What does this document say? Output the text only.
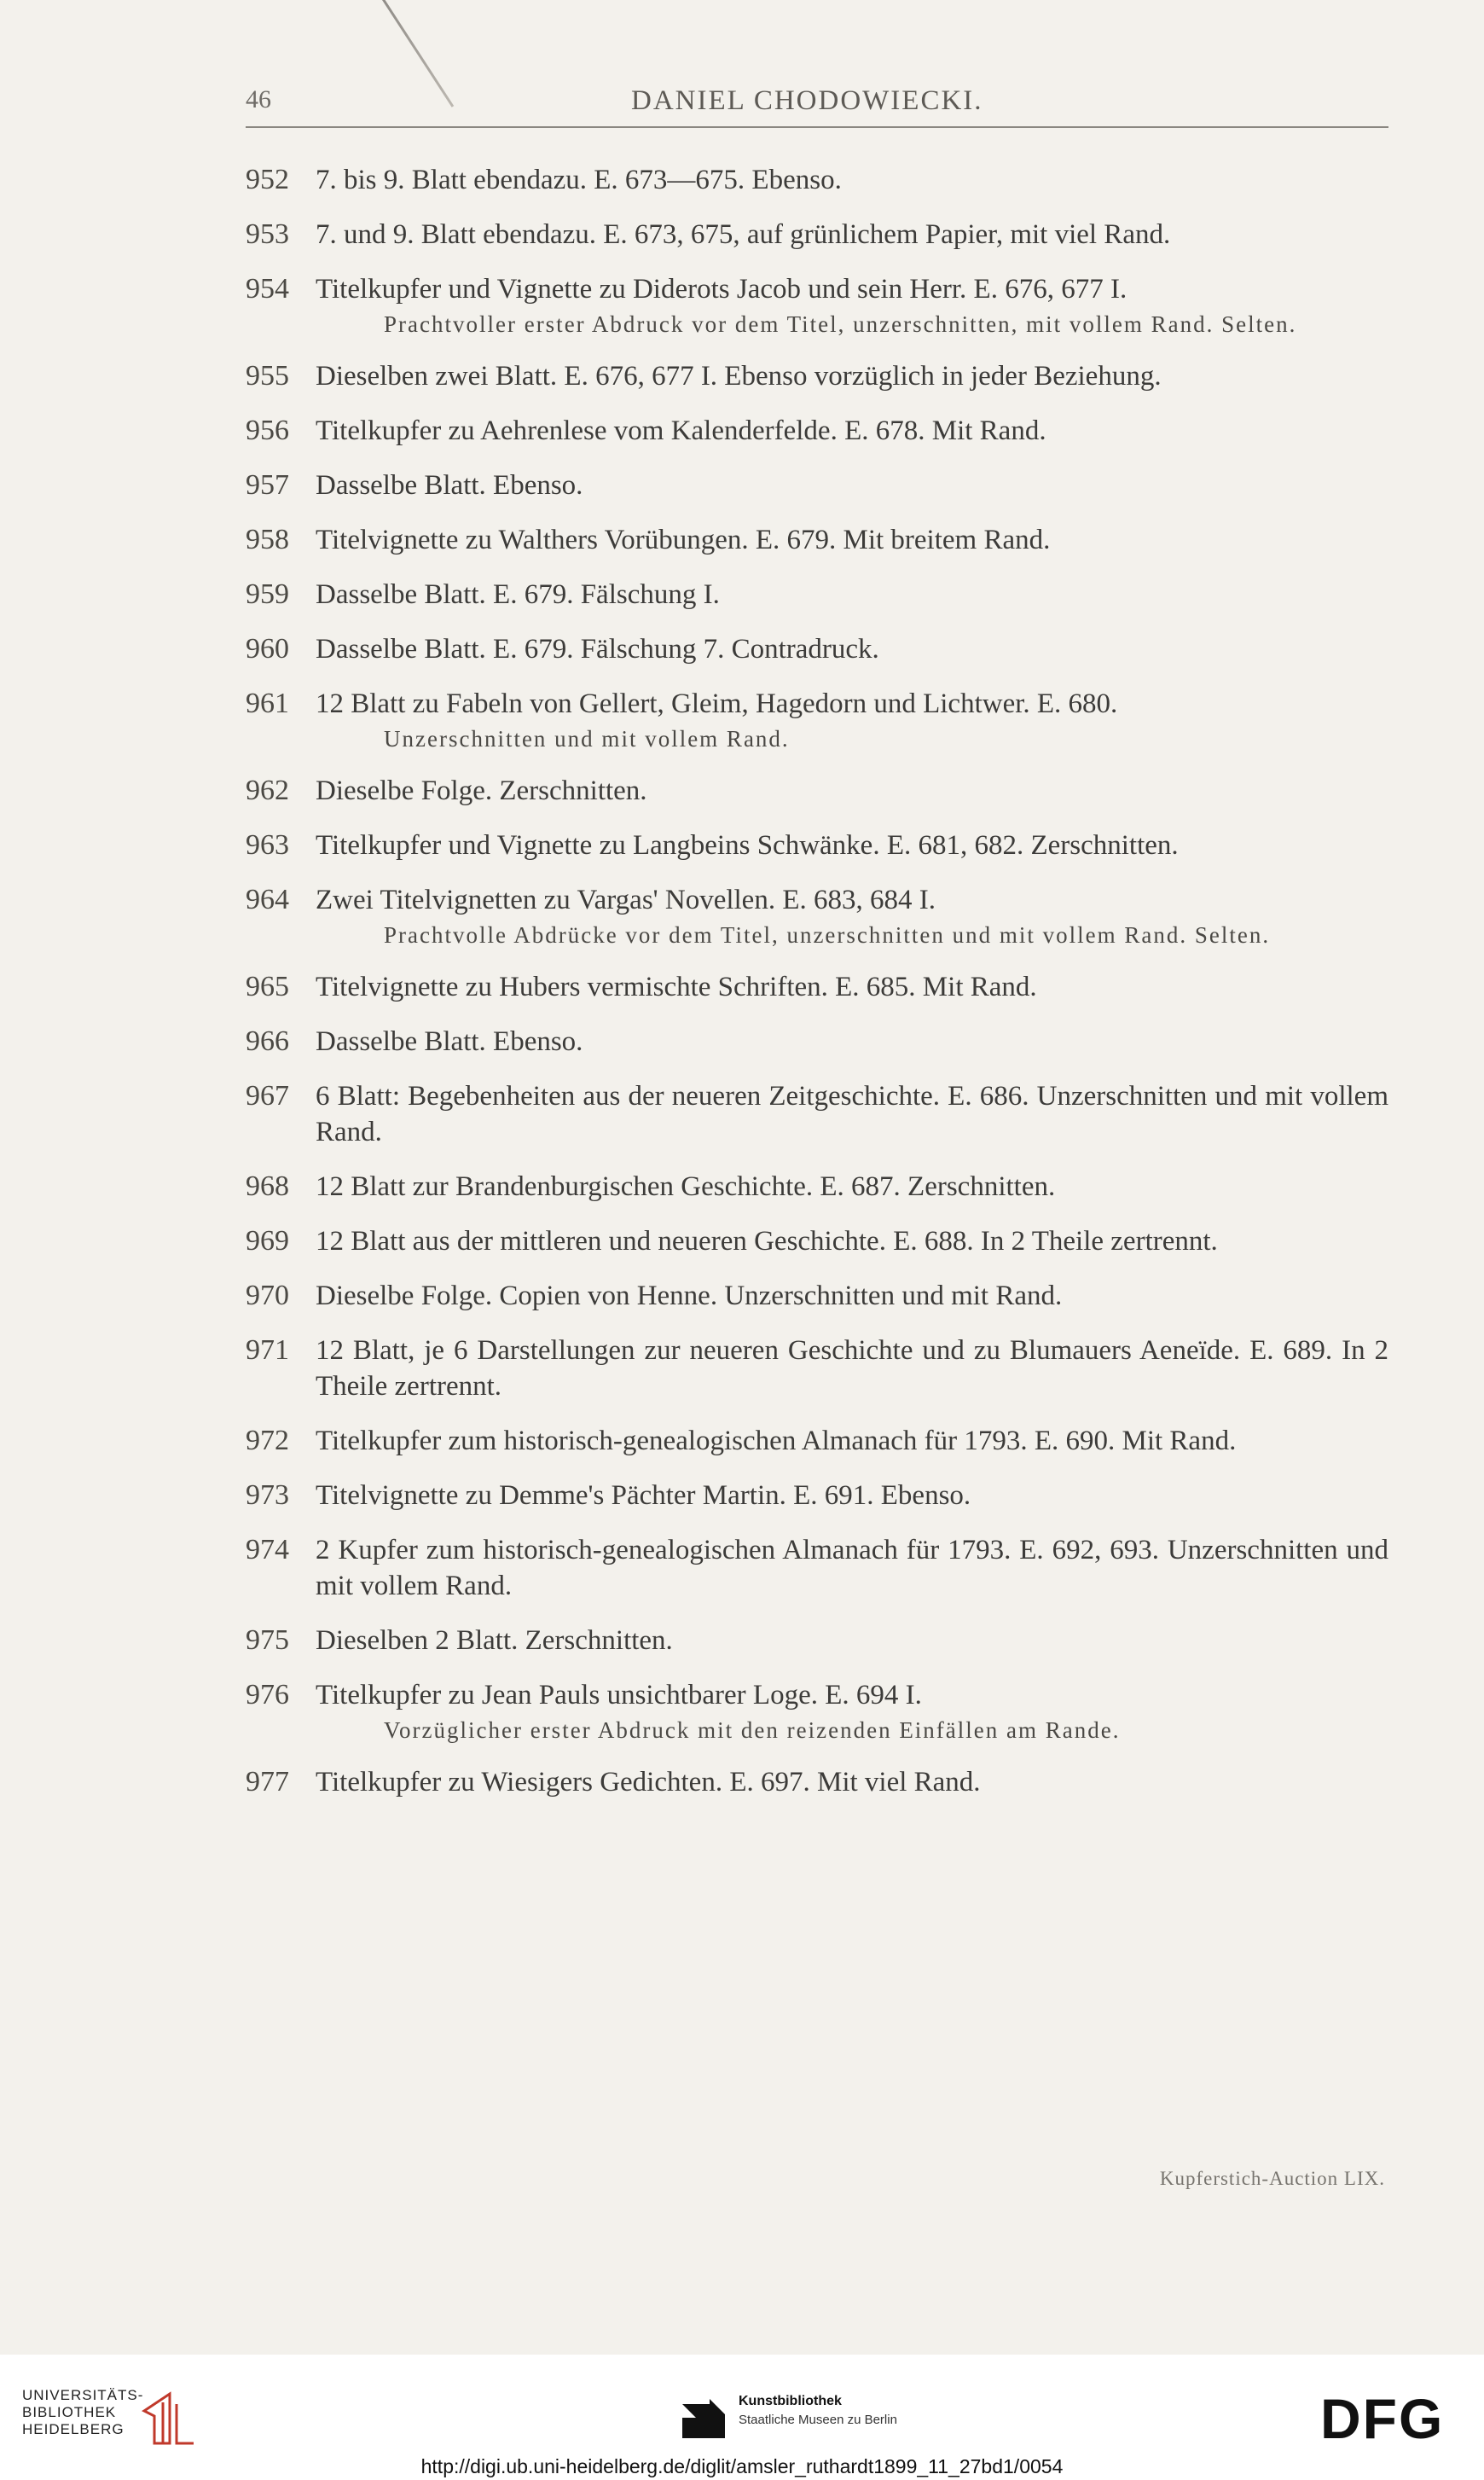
46	DANIEL CHODOWIECKI.
952 7. bis 9. Blatt ebendazu. E. 673—675. Ebenso.
953 7. und 9. Blatt ebendazu. E. 673, 675, auf grünlichem Papier, mit viel Rand.
954 Titelkupfer und Vignette zu Diderots Jacob und sein Herr. E. 676, 677 I.
Prachtvoller erster Abdruck vor dem Titel, unzerschnitten, mit vollem Rand. Selten.
955 Dieselben zwei Blatt. E. 676, 677 I. Ebenso vorzüglich in jeder Beziehung.
956 Titelkupfer zu Aehrenlese vom Kalenderfelde. E. 678. Mit Rand.
957 Dasselbe Blatt. Ebenso.
958 Titelvignette zu Walthers Vorübungen. E. 679. Mit breitem Rand.
959 Dasselbe Blatt. E. 679. Fälschung I.
960 Dasselbe Blatt. E. 679. Fälschung 7. Contradruck.
961 12 Blatt zu Fabeln von Gellert, Gleim, Hagedorn und Lichtwer. E. 680.
Unzerschnitten und mit vollem Rand.
962 Dieselbe Folge. Zerschnitten.
963 Titelkupfer und Vignette zu Langbeins Schwänke. E. 681, 682. Zerschnitten.
964 Zwei Titelvignetten zu Vargas' Novellen. E. 683, 684 I.
Prachtvolle Abdrücke vor dem Titel, unzerschnitten und mit vollem Rand. Selten.
965 Titelvignette zu Hubers vermischte Schriften. E. 685. Mit Rand.
966 Dasselbe Blatt. Ebenso.
967 6 Blatt: Begebenheiten aus der neueren Zeitgeschichte. E. 686. Unzerschnitten und mit vollem Rand.
968 12 Blatt zur Brandenburgischen Geschichte. E. 687. Zerschnitten.
969 12 Blatt aus der mittleren und neueren Geschichte. E. 688. In 2 Theile zertrennt.
970 Dieselbe Folge. Copien von Henne. Unzerschnitten und mit Rand.
971 12 Blatt, je 6 Darstellungen zur neueren Geschichte und zu Blumauers Aeneïde. E. 689. In 2 Theile zertrennt.
972 Titelkupfer zum historisch-genealogischen Almanach für 1793. E. 690. Mit Rand.
973 Titelvignette zu Demme's Pächter Martin. E. 691. Ebenso.
974 2 Kupfer zum historisch-genealogischen Almanach für 1793. E. 692, 693. Unzerschnitten und mit vollem Rand.
975 Dieselben 2 Blatt. Zerschnitten.
976 Titelkupfer zu Jean Pauls unsichtbarer Loge. E. 694 I.
Vorzüglicher erster Abdruck mit den reizenden Einfällen am Rande.
977 Titelkupfer zu Wiesigers Gedichten. E. 697. Mit viel Rand.
Kupferstich-Auction LIX.
UNIVERSITÄTS-
BIBLIOTHEK
HEIDELBERG
Kunstbibliothek
Staatliche Museen zu Berlin	DFG
http://digi.ub.uni-heidelberg.de/diglit/amsler_ruthardt1899_11_27bd1/0054
